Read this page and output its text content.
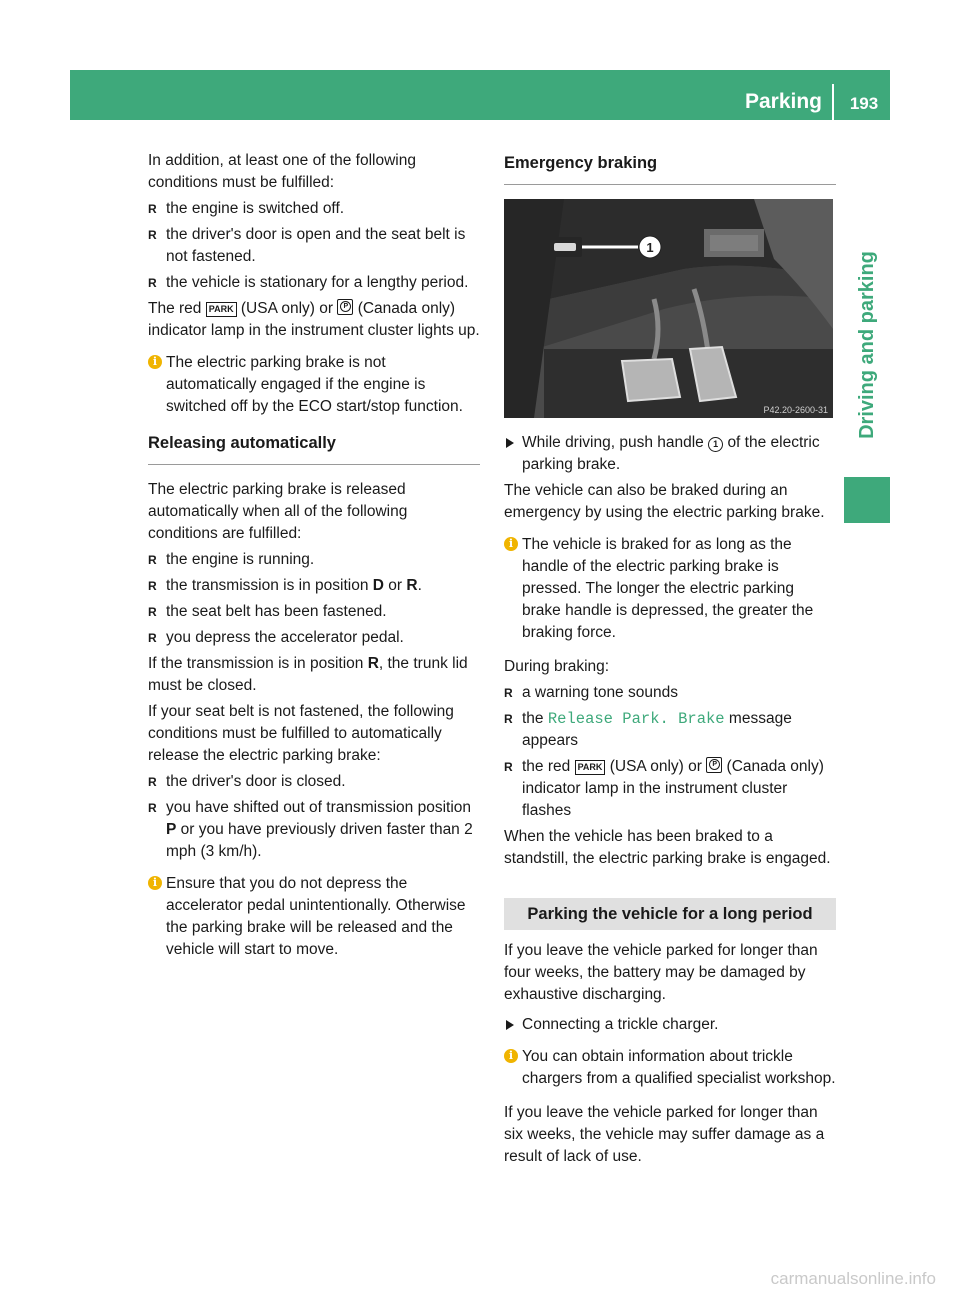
Parking	193
Driving and parking

In addition, at least one of the following conditions must be fulfilled:

R the engine is switched off.
R the driver's door is open and the seat belt is not fastened.
R the vehicle is stationary for a lengthy period.

The red PARK (USA only) or P (Canada only) indicator lamp in the instrument cluster lights up.

i The electric parking brake is not automatically engaged if the engine is switched off by the ECO start/stop function.
Releasing automatically

The electric parking brake is released automatically when all of the following conditions are fulfilled:

R the engine is running.
R the transmission is in position D or R.
R the seat belt has been fastened.
R you depress the accelerator pedal.

If the transmission is in position R, the trunk lid must be closed.

If your seat belt is not fastened, the following conditions must be fulfilled to automatically release the electric parking brake:

R the driver's door is closed.
R you have shifted out of transmission position P or you have previously driven faster than 2 mph (3 km/h).
i Ensure that you do not depress the accelerator pedal unintentionally. Otherwise the parking brake will be released and the vehicle will start to move.
Emergency braking
1
P42.20-2600-31
While driving, push handle 1 of the electric parking brake.

The vehicle can also be braked during an emergency by using the electric parking brake.

i The vehicle is braked for as long as the handle of the electric parking brake is pressed. The longer the electric parking brake handle is depressed, the greater the braking force.

During braking:

R a warning tone sounds
R the Release Park. Brake message appears
R the red PARK (USA only) or P (Canada only) indicator lamp in the instrument cluster flashes

When the vehicle has been braked to a standstill, the electric parking brake is engaged.

Parking the vehicle for a long period

If you leave the vehicle parked for longer than four weeks, the battery may be damaged by exhaustive discharging.

Connecting a trickle charger.
i You can obtain information about trickle chargers from a qualified specialist workshop.

If you leave the vehicle parked for longer than six weeks, the vehicle may suffer damage as a result of lack of use.

carmanualsonline.info
